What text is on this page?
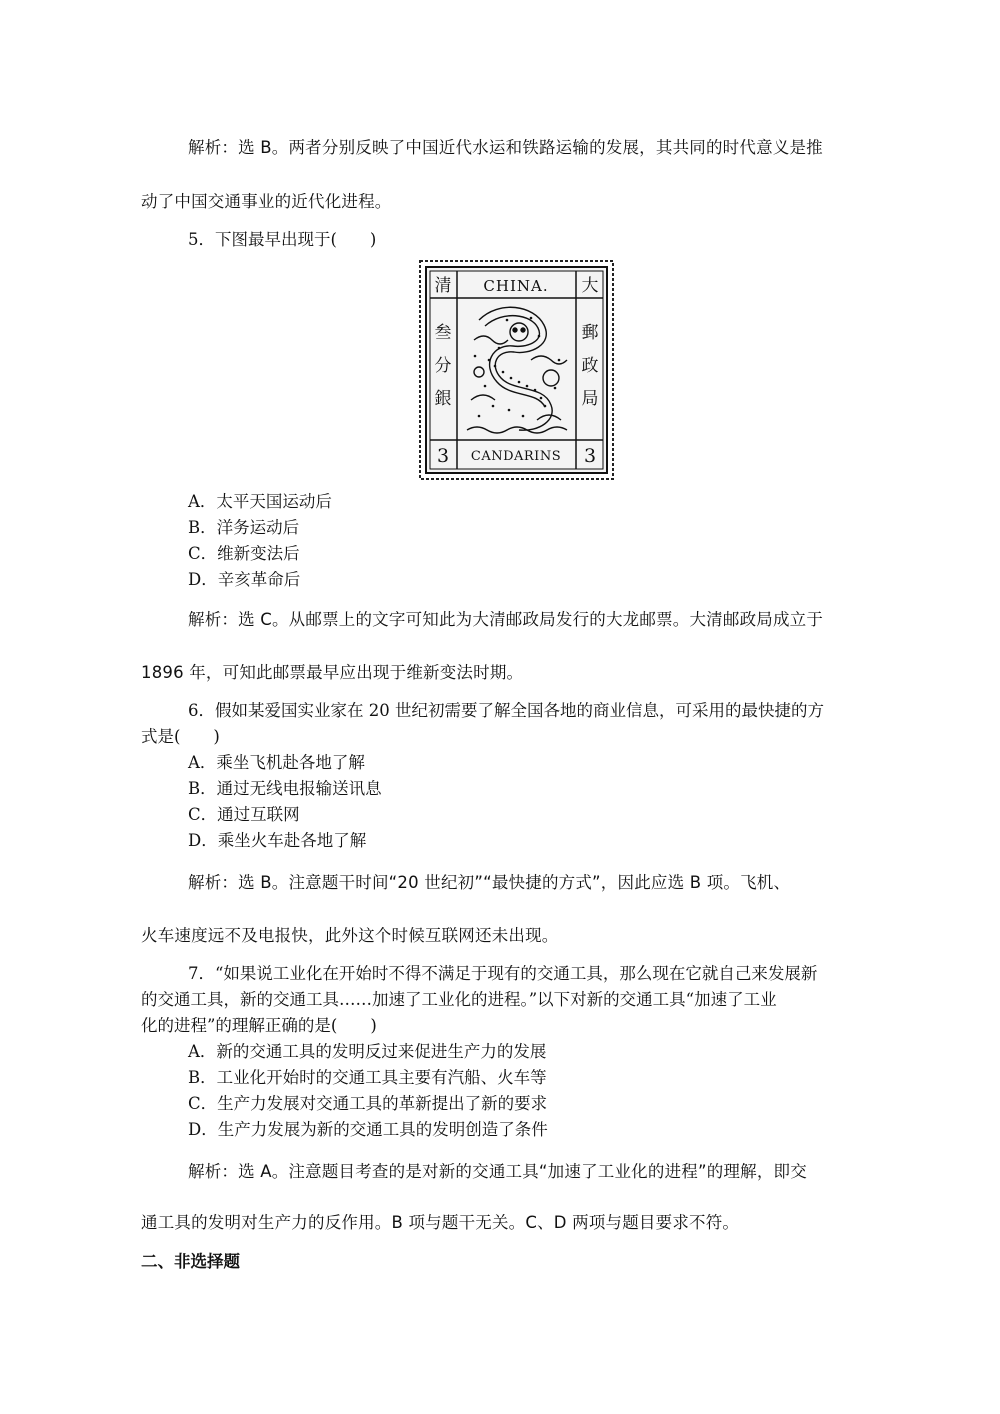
解析：选 B。两者分别反映了中国近代水运和铁路运输的发展，其共同的时代意义是推
动了中国交通事业的近代化进程。
5．下图最早出现于(　　)
清	大
CHINA.
叁
分
銀
郵
政
局
3	3
CANDARINS
A．太平天国运动后
B．洋务运动后
C．维新变法后
D．辛亥革命后
解析：选 C。从邮票上的文字可知此为大清邮政局发行的大龙邮票。大清邮政局成立于
1896 年，可知此邮票最早应出现于维新变法时期。
6．假如某爱国实业家在 20 世纪初需要了解全国各地的商业信息，可采用的最快捷的方
式是(　　)
A．乘坐飞机赴各地了解
B．通过无线电报输送讯息
C．通过互联网
D．乘坐火车赴各地了解
解析：选 B。注意题干时间“20 世纪初”“最快捷的方式”，因此应选 B 项。飞机、
火车速度远不及电报快，此外这个时候互联网还未出现。
7．“如果说工业化在开始时不得不满足于现有的交通工具，那么现在它就自己来发展新
的交通工具，新的交通工具……加速了工业化的进程。”以下对新的交通工具“加速了工业
化的进程”的理解正确的是(　　)
A．新的交通工具的发明反过来促进生产力的发展
B．工业化开始时的交通工具主要有汽船、火车等
C．生产力发展对交通工具的革新提出了新的要求
D．生产力发展为新的交通工具的发明创造了条件
解析：选 A。注意题目考查的是对新的交通工具“加速了工业化的进程”的理解，即交
通工具的发明对生产力的反作用。B 项与题干无关。C、D 两项与题目要求不符。
二、非选择题
